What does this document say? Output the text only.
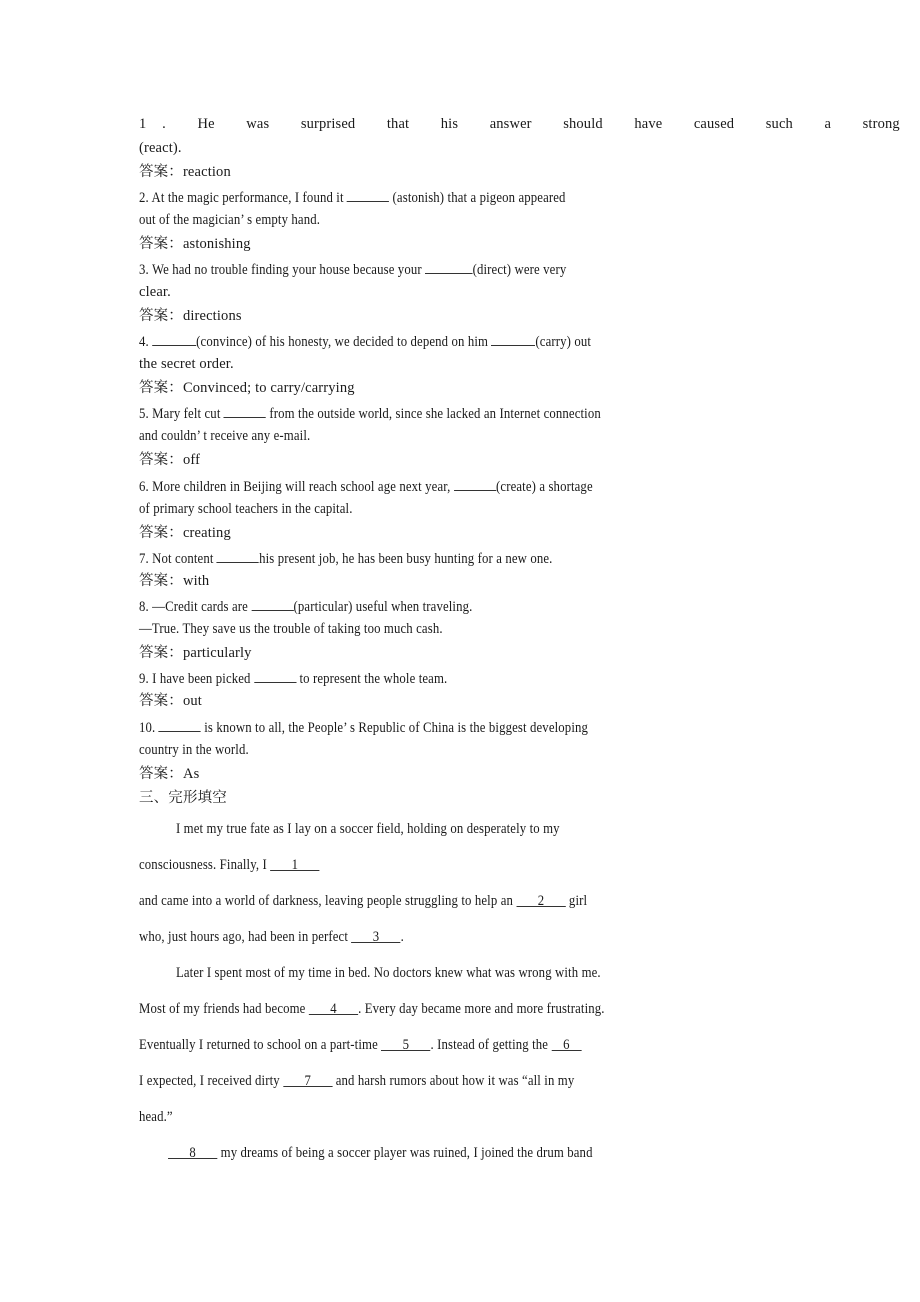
1 . He  was  surprised  that  his  answer  should  have  caused  such  a  strong
(react).
答案：reaction
2. At the magic performance, I found it	(astonish) that a pigeon appeared
out of the magician’ s empty hand.
答案：astonishing
3. We had no trouble finding your house because your	(direct) were very
clear.
答案：directions
4.	(convince) of his honesty, we decided to depend on him	(carry) out
the secret order.
答案：Convinced; to carry/carrying
5. Mary felt cut	from the outside world, since she lacked an Internet connection
and couldn’ t receive any e-mail.
答案：off
6. More children in Beijing will reach school age next year,	(create) a shortage
of primary school teachers in the capital.
答案：creating
7. Not content	his present job, he has been busy hunting for a new one.
答案：with
8. —Credit cards are	(particular) useful when traveling.
—True. They save us the trouble of taking too much cash.
答案：particularly
9. I have been picked	to represent the whole team.
答案：out
10.	is known to all, the People’ s Republic of China is the biggest developing
country in the world.
答案：As
三、完形填空
I met my true fate as I lay on a soccer field, holding on desperately to my
consciousness. Finally, I 1
and came into a world of darkness, leaving people struggling to help an 2 girl
who, just hours ago, had been in perfect 3 .
Later I spent most of my time in bed. No doctors knew what was wrong with me.
Most of my friends had become 4 . Every day became more and more frustrating.
Eventually I returned to school on a part-time 5 . Instead of getting the 6
I expected, I received dirty 7 and harsh rumors about how it was “all in my
head.”
8 my dreams of being a soccer player was ruined, I joined the drum band
